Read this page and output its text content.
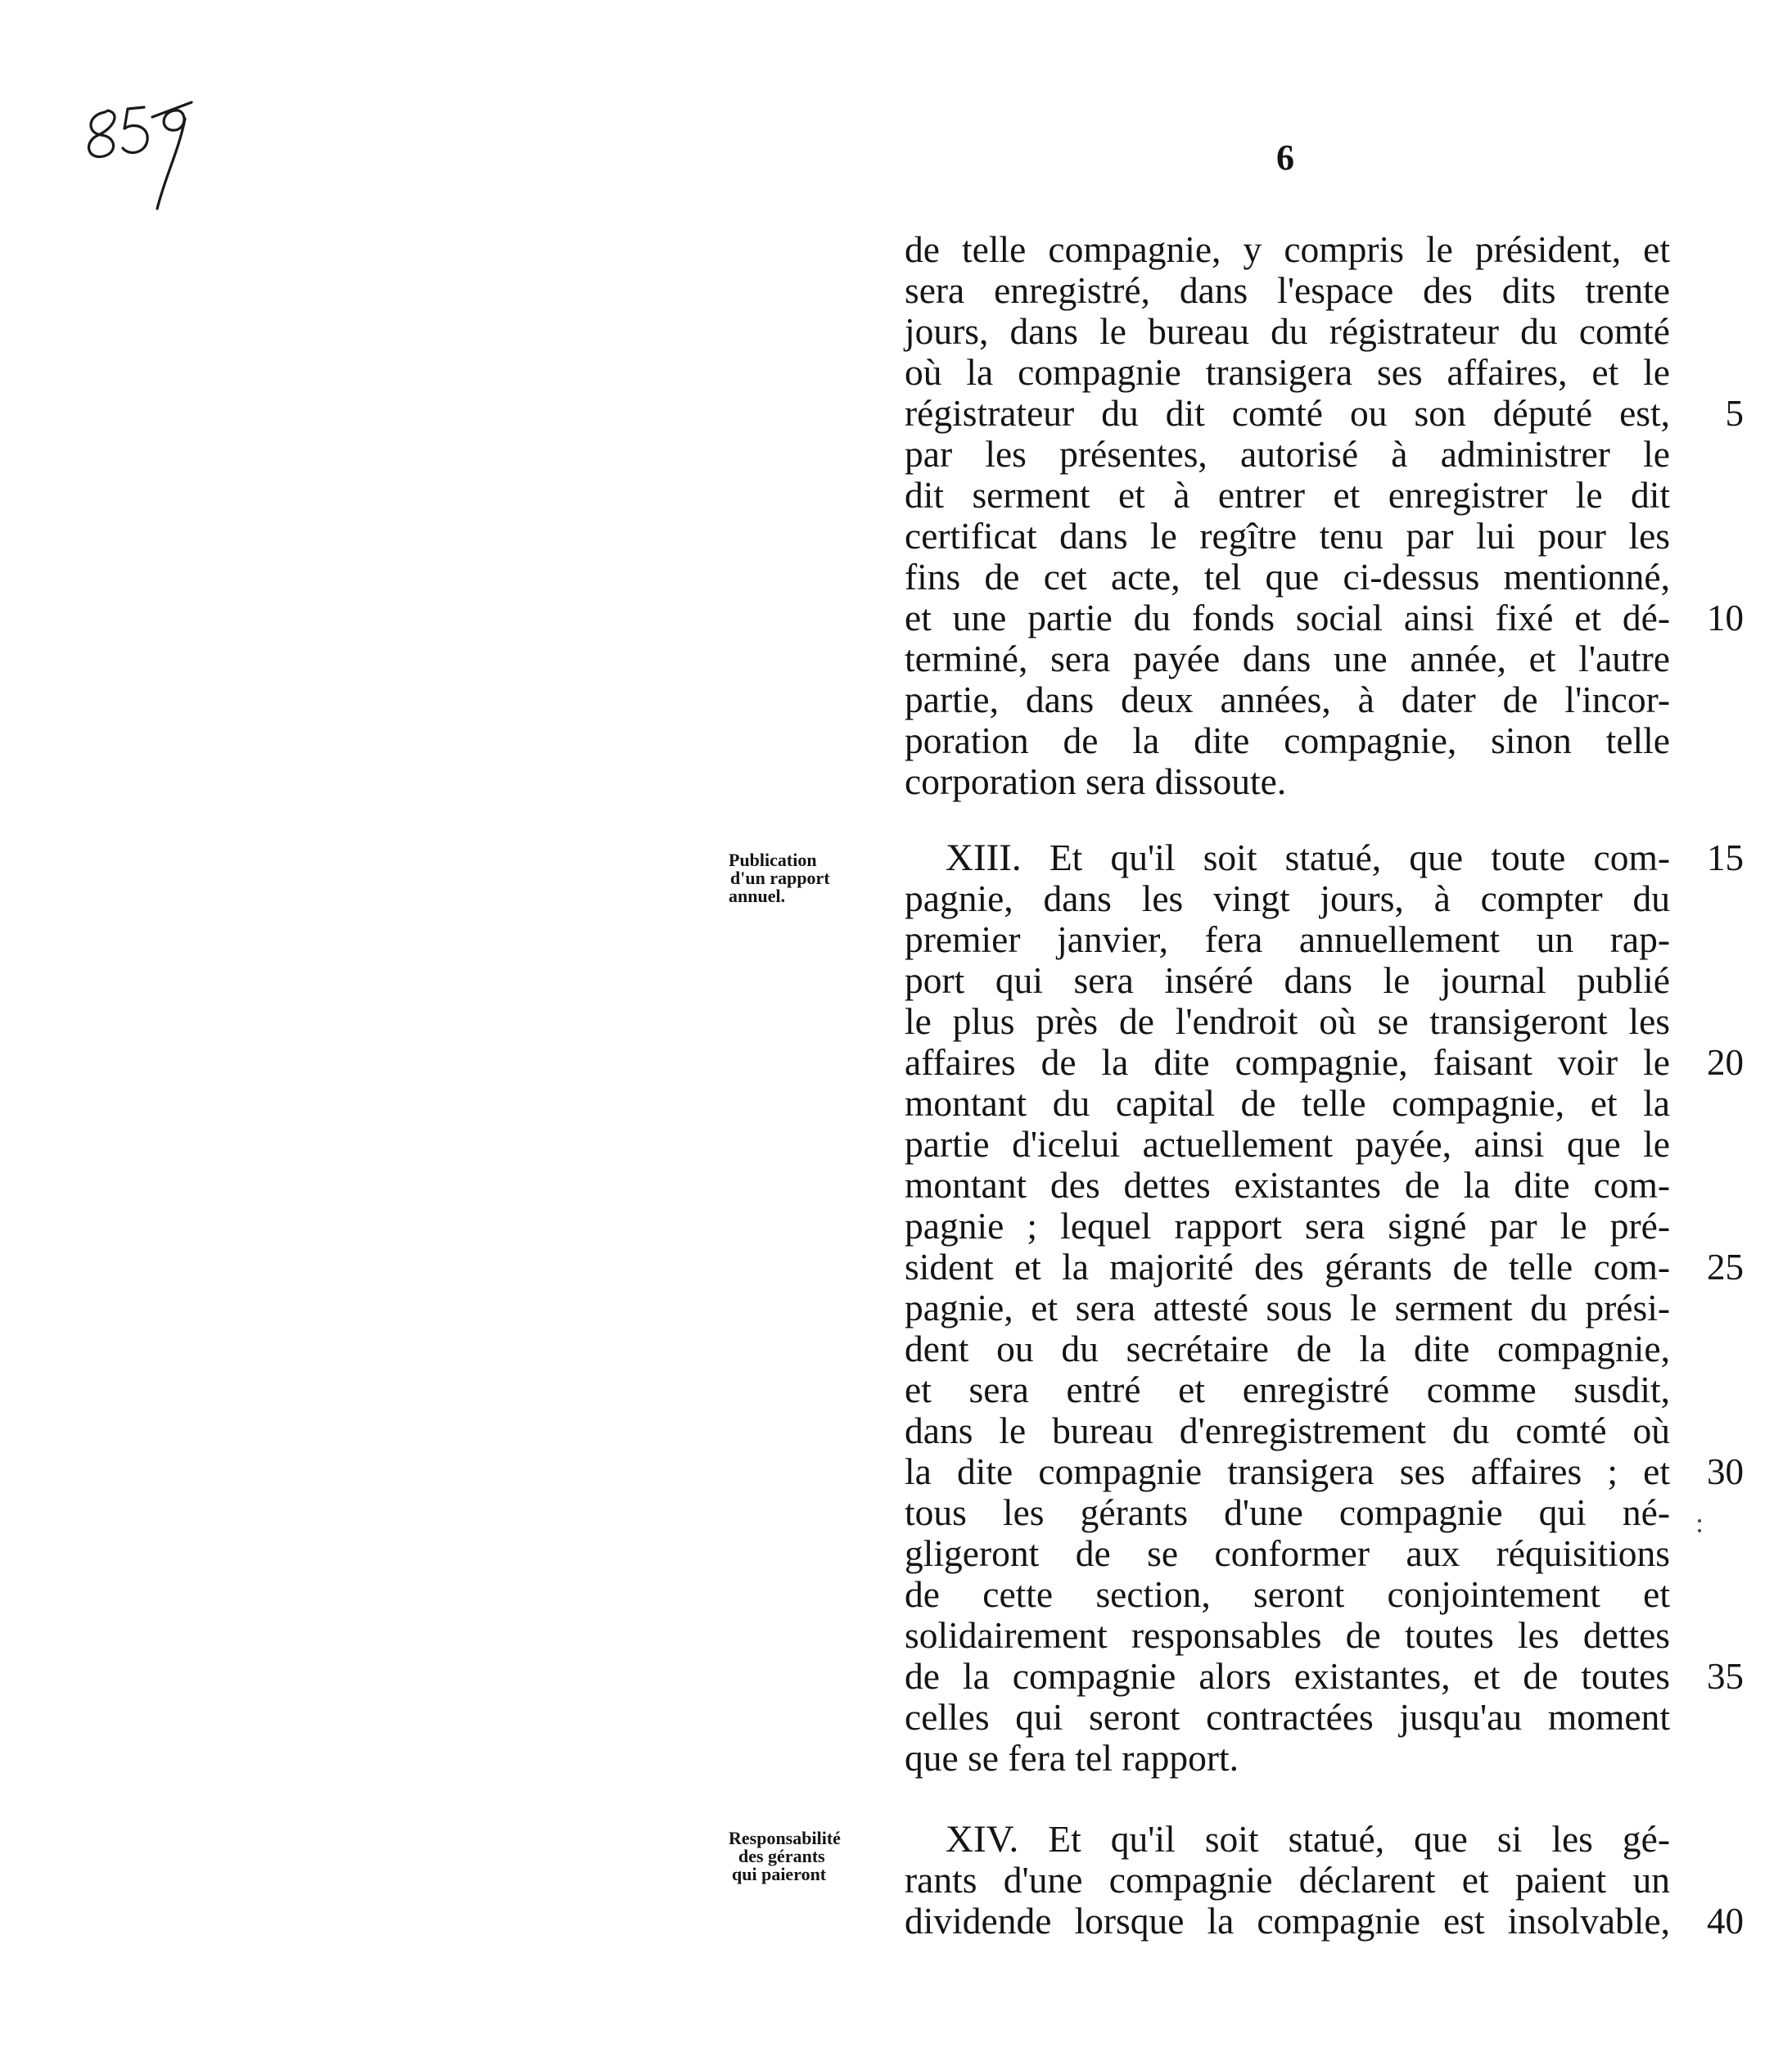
6
de telle compagnie, y compris le président, et
sera enregistré, dans l'espace des dits trente
jours, dans le bureau du régistrateur du comté
où la compagnie transigera ses affaires, et le
régistrateur du dit comté ou son député est,
par les présentes, autorisé à administrer le
dit serment et à entrer et enregistrer le dit
certificat dans le regître tenu par lui pour les
fins de cet acte, tel que ci-dessus mentionné,
et une partie du fonds social ainsi fixé et dé-
terminé, sera payée dans une année, et l'autre
partie, dans deux années, à dater de l'incor-
poration de la dite compagnie, sinon telle
corporation sera dissoute.
Publication
d'un rapport
annuel.
XIII. Et qu'il soit statué, que toute com-
pagnie, dans les vingt jours, à compter du
premier janvier, fera annuellement un rap-
port qui sera inséré dans le journal publié
le plus près de l'endroit où se transigeront les
affaires de la dite compagnie, faisant voir le
montant du capital de telle compagnie, et la
partie d'icelui actuellement payée, ainsi que le
montant des dettes existantes de la dite com-
pagnie ; lequel rapport sera signé par le pré-
sident et la majorité des gérants de telle com-
pagnie, et sera attesté sous le serment du prési-
dent ou du secrétaire de la dite compagnie,
et sera entré et enregistré comme susdit,
dans le bureau d'enregistrement du comté où
la dite compagnie transigera ses affaires ; et
tous les gérants d'une compagnie qui né-
gligeront de se conformer aux réquisitions
de cette section, seront conjointement et
solidairement responsables de toutes les dettes
de la compagnie alors existantes, et de toutes
celles qui seront contractées jusqu'au moment
que se fera tel rapport.
Responsabilité
des gérants
qui paieront
XIV. Et qu'il soit statué, que si les gé-
rants d'une compagnie déclarent et paient un
dividende lorsque la compagnie est insolvable,
5
10
15
20
25
30
35
40
